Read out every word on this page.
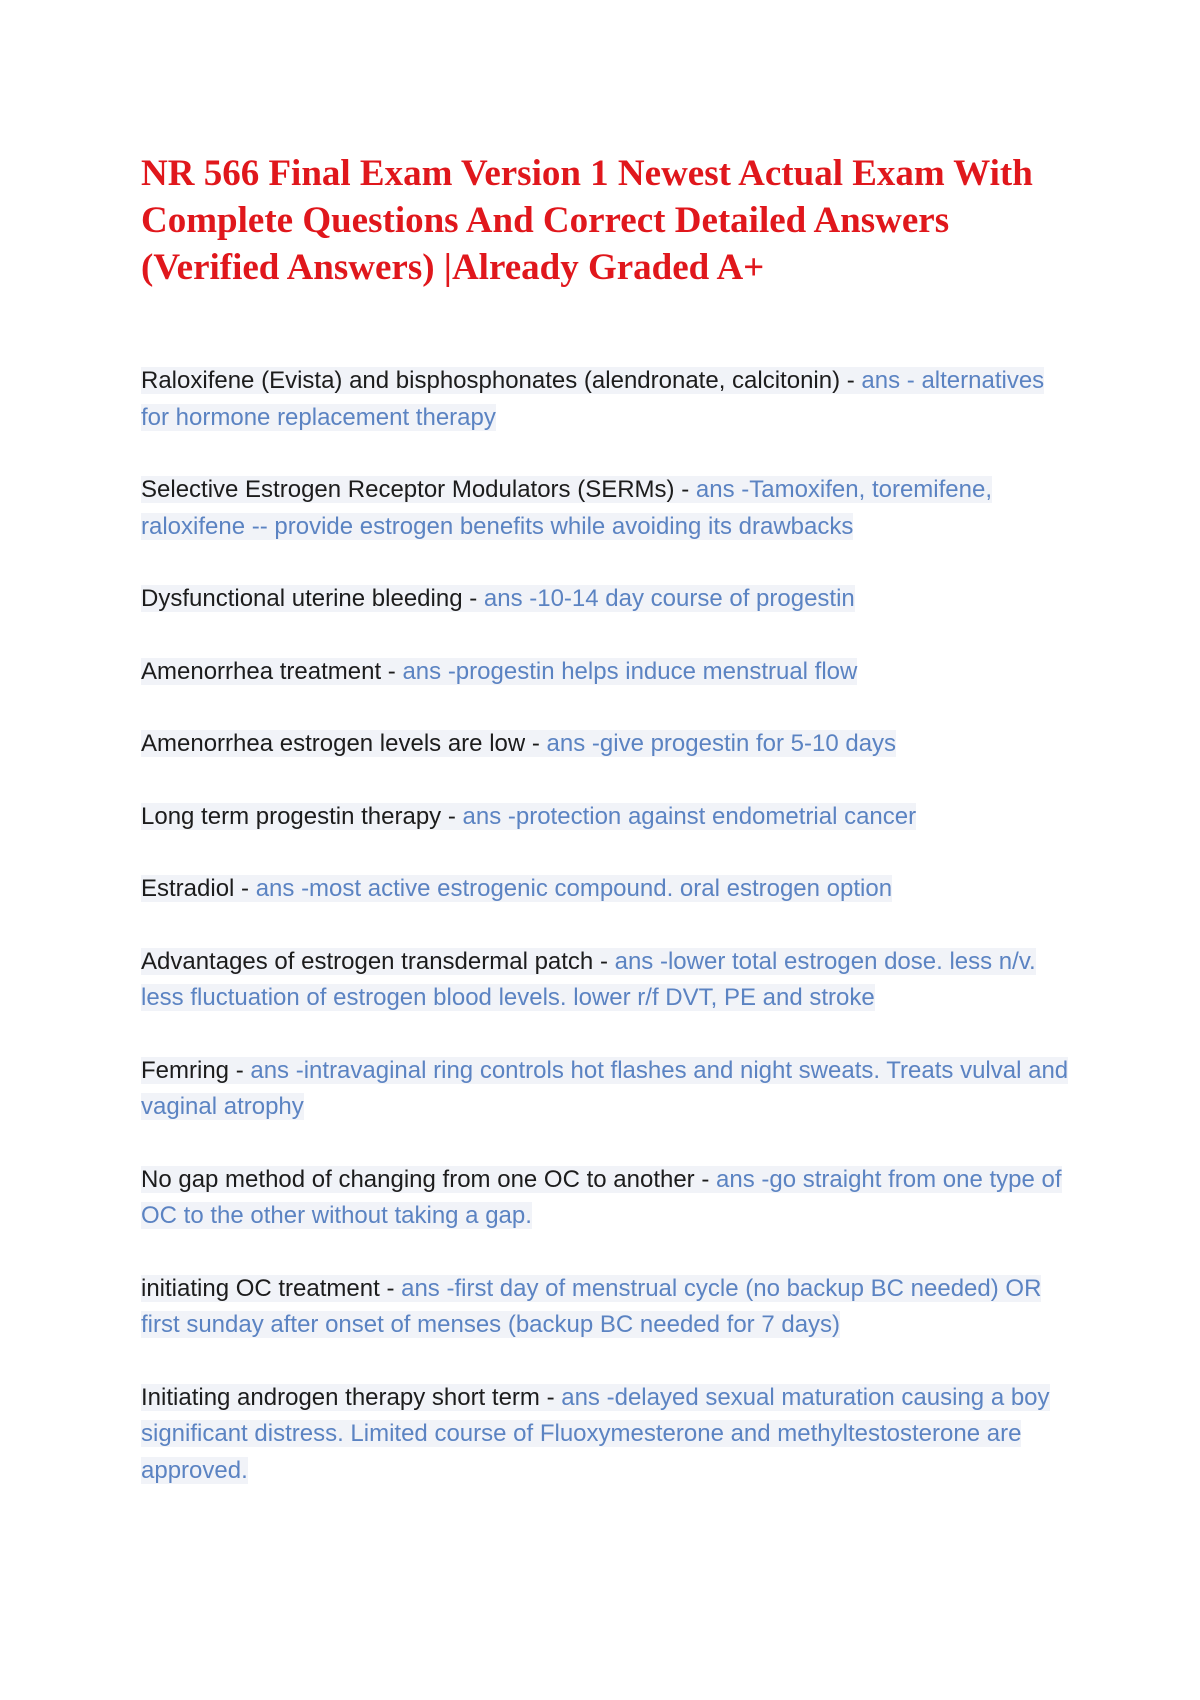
NR 566 Final Exam Version 1 Newest Actual Exam With Complete Questions And Correct Detailed Answers (Verified Answers) |Already Graded A+

Raloxifene (Evista) and bisphosphonates (alendronate, calcitonin) - ans - alternatives for hormone replacement therapy

Selective Estrogen Receptor Modulators (SERMs) - ans -Tamoxifen, toremifene, raloxifene -- provide estrogen benefits while avoiding its drawbacks

Dysfunctional uterine bleeding - ans -10-14 day course of progestin

Amenorrhea treatment - ans -progestin helps induce menstrual flow

Amenorrhea estrogen levels are low - ans -give progestin for 5-10 days

Long term progestin therapy - ans -protection against endometrial cancer

Estradiol - ans -most active estrogenic compound. oral estrogen option

Advantages of estrogen transdermal patch - ans -lower total estrogen dose. less n/v. less fluctuation of estrogen blood levels. lower r/f DVT, PE and stroke

Femring - ans -intravaginal ring controls hot flashes and night sweats. Treats vulval and vaginal atrophy

No gap method of changing from one OC to another - ans -go straight from one type of OC to the other without taking a gap.

initiating OC treatment - ans -first day of menstrual cycle (no backup BC needed) OR first sunday after onset of menses (backup BC needed for 7 days)

Initiating androgen therapy short term - ans -delayed sexual maturation causing a boy significant distress. Limited course of Fluoxymesterone and methyltestosterone are approved.
